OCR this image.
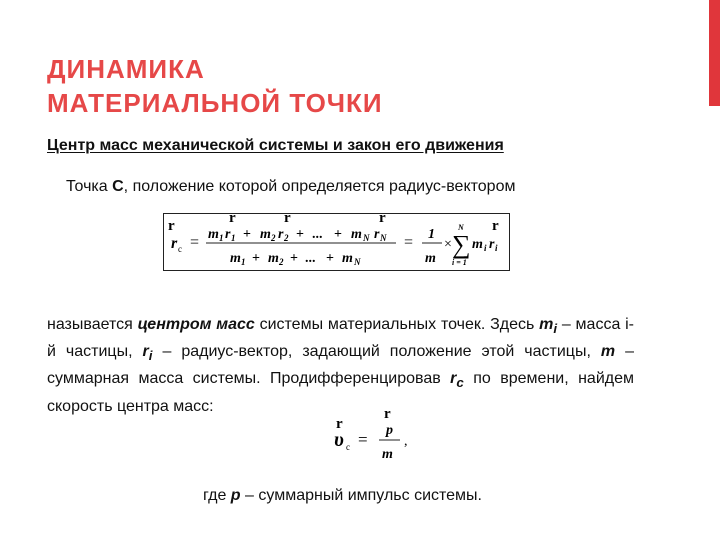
ДИНАМИКА
МАТЕРИАЛЬНОЙ ТОЧКИ
Центр масс механической системы и закон его движения
Точка C, положение которой определяется радиус-вектором
r
r c =
r	r	r
m 1 r 1 + m 2 r 2 + ... + m N r N
m 1 + m 2 + ... + m N
= 1
m
×
N
∑
i = 1
r
m i r i
называется центром масс системы материальных точек. Здесь $m_i$ – масса i-й частицы, $r_i$ – радиус-вектор, задающий положение этой частицы, m – суммарная масса системы. Продифференцировав $r_c$ по времени, найдем скорость центра масс:
r
r
υ c = p
m
,
где p – суммарный импульс системы.
